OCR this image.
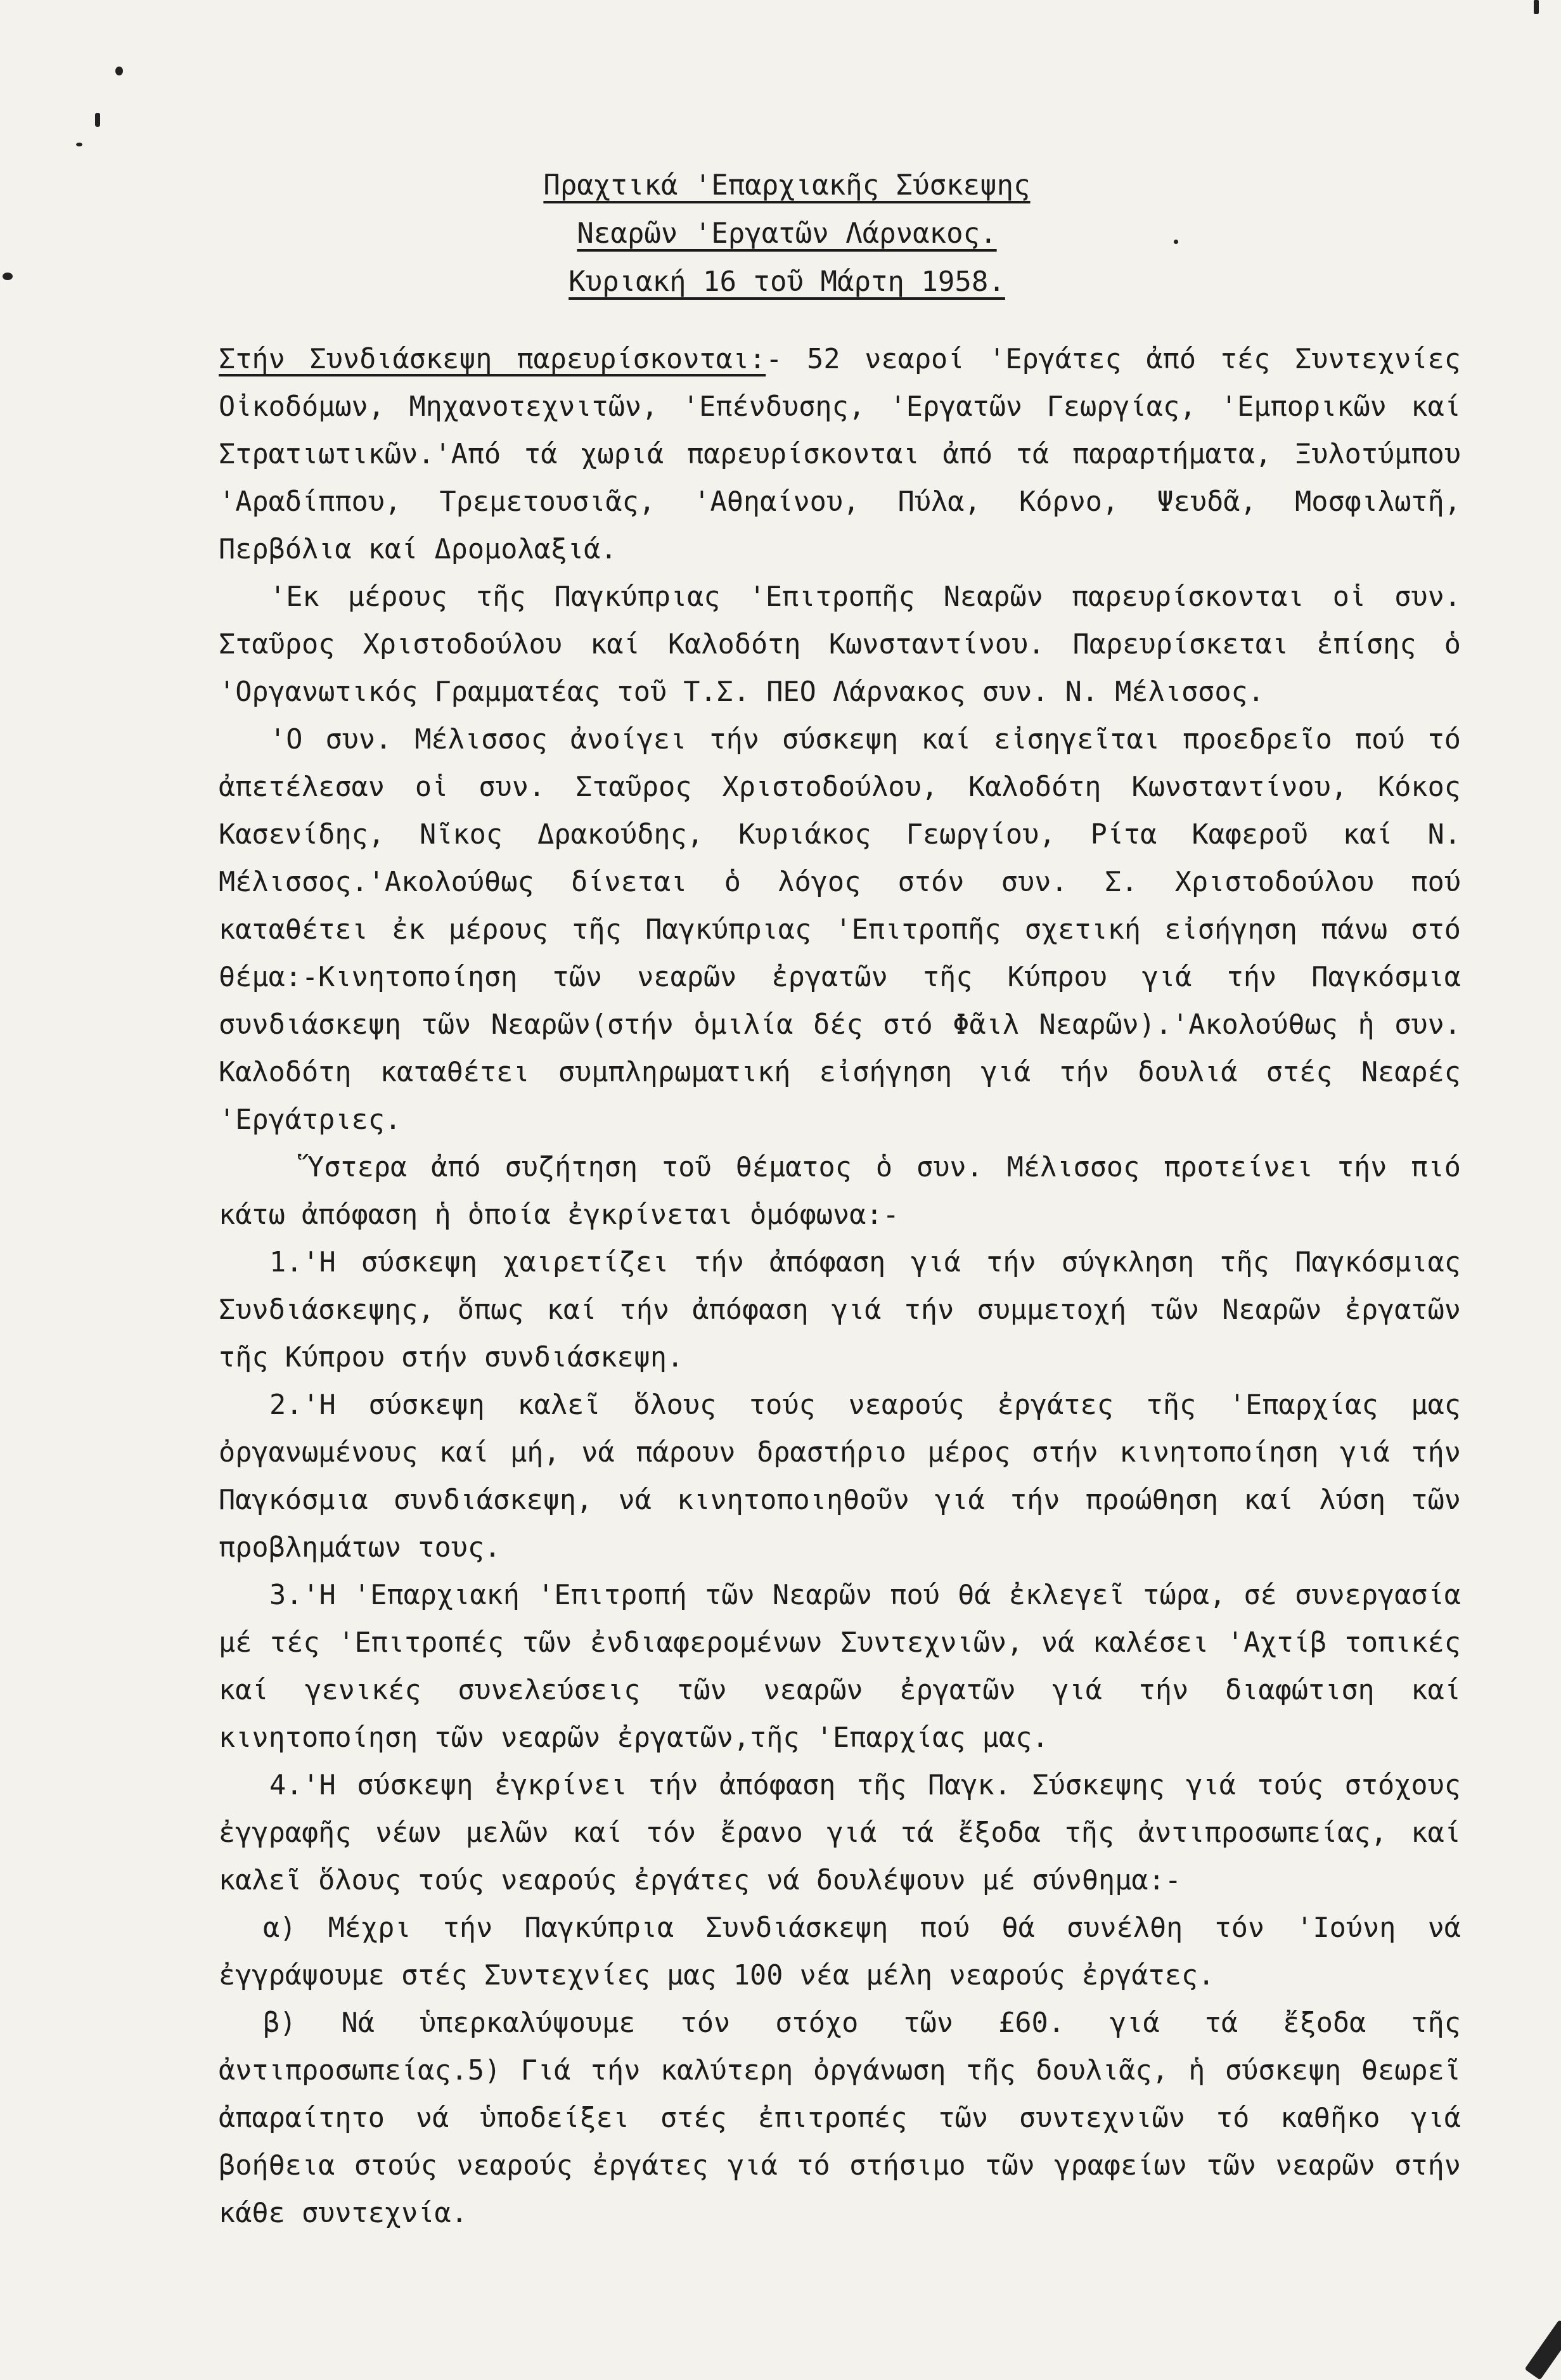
Πραχτικά 'Επαρχιακῆς Σύσκεψης
Νεαρῶν 'Εργατῶν Λάρνακος.
Κυριακή 16 τοῦ Μάρτη 1958.

Στήν Συνδιάσκεψη παρευρίσκονται:- 52 νεαροί 'Εργάτες ἀπό τές Συντεχνίες Οἰκοδόμων, Μηχανοτεχνιτῶν, 'Επένδυσης, 'Εργατῶν Γεωργίας, 'Εμπορικῶν καί Στρατιωτικῶν.'Από τά χωριά παρευρίσκονται ἀπό τά παραρτήματα, Ξυλοτύμπου 'Αραδίππου, Τρεμετουσιᾶς, 'Αθηαίνου, Πύλα, Κόρνο, Ψευδᾶ, Μοσφιλωτῆ, Περβόλια καί Δρομολαξιά.

'Εκ μέρους τῆς Παγκύπριας 'Επιτροπῆς Νεαρῶν παρευρίσκονται οἱ συν. Σταῦρος Χριστοδούλου καί Καλοδότη Κωνσταντίνου. Παρευρίσκεται ἐπίσης ὁ 'Οργανωτικός Γραμματέας τοῦ Τ.Σ. ΠΕΟ Λάρνακος συν. Ν. Μέλισσος.

'Ο συν. Μέλισσος ἀνοίγει τήν σύσκεψη καί εἰσηγεῖται προεδρεῖο πού τό ἀπετέλεσαν οἱ συν. Σταῦρος Χριστοδούλου, Καλοδότη Κωνσταντίνου, Κόκος Κασενίδης, Νῖκος Δρακούδης, Κυριάκος Γεωργίου, Ρίτα Καφεροῦ καί Ν. Μέλισσος.'Ακολούθως δίνεται ὁ λόγος στόν συν. Σ. Χριστοδούλου πού καταθέτει ἐκ μέρους τῆς Παγκύπριας 'Επιτροπῆς σχετική εἰσήγηση πάνω στό θέμα:-Κινητοποίηση τῶν νεαρῶν ἐργατῶν τῆς Κύπρου γιά τήν Παγκόσμια συνδιάσκεψη τῶν Νεαρῶν(στήν ὁμιλία δές στό Φᾶιλ Νεαρῶν).'Ακολούθως ἡ συν. Καλοδότη καταθέτει συμπληρωματική εἰσήγηση γιά τήν δουλιά στές Νεαρές 'Εργάτριες.

Ὕστερα ἀπό συζήτηση τοῦ θέματος ὁ συν. Μέλισσος προτείνει τήν πιό κάτω ἀπόφαση ἡ ὁποία ἐγκρίνεται ὁμόφωνα:-

1.'Η σύσκεψη χαιρετίζει τήν ἀπόφαση γιά τήν σύγκληση τῆς Παγκόσμιας Συνδιάσκεψης, ὅπως καί τήν ἀπόφαση γιά τήν συμμετοχή τῶν Νεαρῶν ἐργατῶν τῆς Κύπρου στήν συνδιάσκεψη.

2.'Η σύσκεψη καλεῖ ὅλους τούς νεαρούς ἐργάτες τῆς 'Επαρχίας μας ὀργανωμένους καί μή, νά πάρουν δραστήριο μέρος στήν κινητοποίηση γιά τήν Παγκόσμια συνδιάσκεψη, νά κινητοποιηθοῦν γιά τήν προώθηση καί λύση τῶν προβλημάτων τους.

3.'Η 'Επαρχιακή 'Επιτροπή τῶν Νεαρῶν πού θά ἐκλεγεῖ τώρα, σέ συνεργασία μέ τές 'Επιτροπές τῶν ἐνδιαφερομένων Συντεχνιῶν, νά καλέσει 'Αχτίβ τοπικές καί γενικές συνελεύσεις τῶν νεαρῶν ἐργατῶν γιά τήν διαφώτιση καί κινητοποίηση τῶν νεαρῶν ἐργατῶν,τῆς 'Επαρχίας μας.

4.'Η σύσκεψη ἐγκρίνει τήν ἀπόφαση τῆς Παγκ. Σύσκεψης γιά τούς στόχους ἐγγραφῆς νέων μελῶν καί τόν ἔρανο γιά τά ἔξοδα τῆς ἀντιπροσωπείας, καί καλεῖ ὅλους τούς νεαρούς ἐργάτες νά δουλέψουν μέ σύνθημα:-

α) Μέχρι τήν Παγκύπρια Συνδιάσκεψη πού θά συνέλθη τόν 'Ιούνη νά ἐγγράψουμε στές Συντεχνίες μας 100 νέα μέλη νεαρούς ἐργάτες.

β) Νά ὑπερκαλύψουμε τόν στόχο τῶν £60. γιά τά ἔξοδα τῆς ἀντιπροσωπείας.5) Γιά τήν καλύτερη ὀργάνωση τῆς δουλιᾶς, ἡ σύσκεψη θεωρεῖ ἀπαραίτητο νά ὑποδείξει στές ἐπιτροπές τῶν συντεχνιῶν τό καθῆκο γιά βοήθεια στούς νεαρούς ἐργάτες γιά τό στήσιμο τῶν γραφείων τῶν νεαρῶν στήν κάθε συντεχνία.
